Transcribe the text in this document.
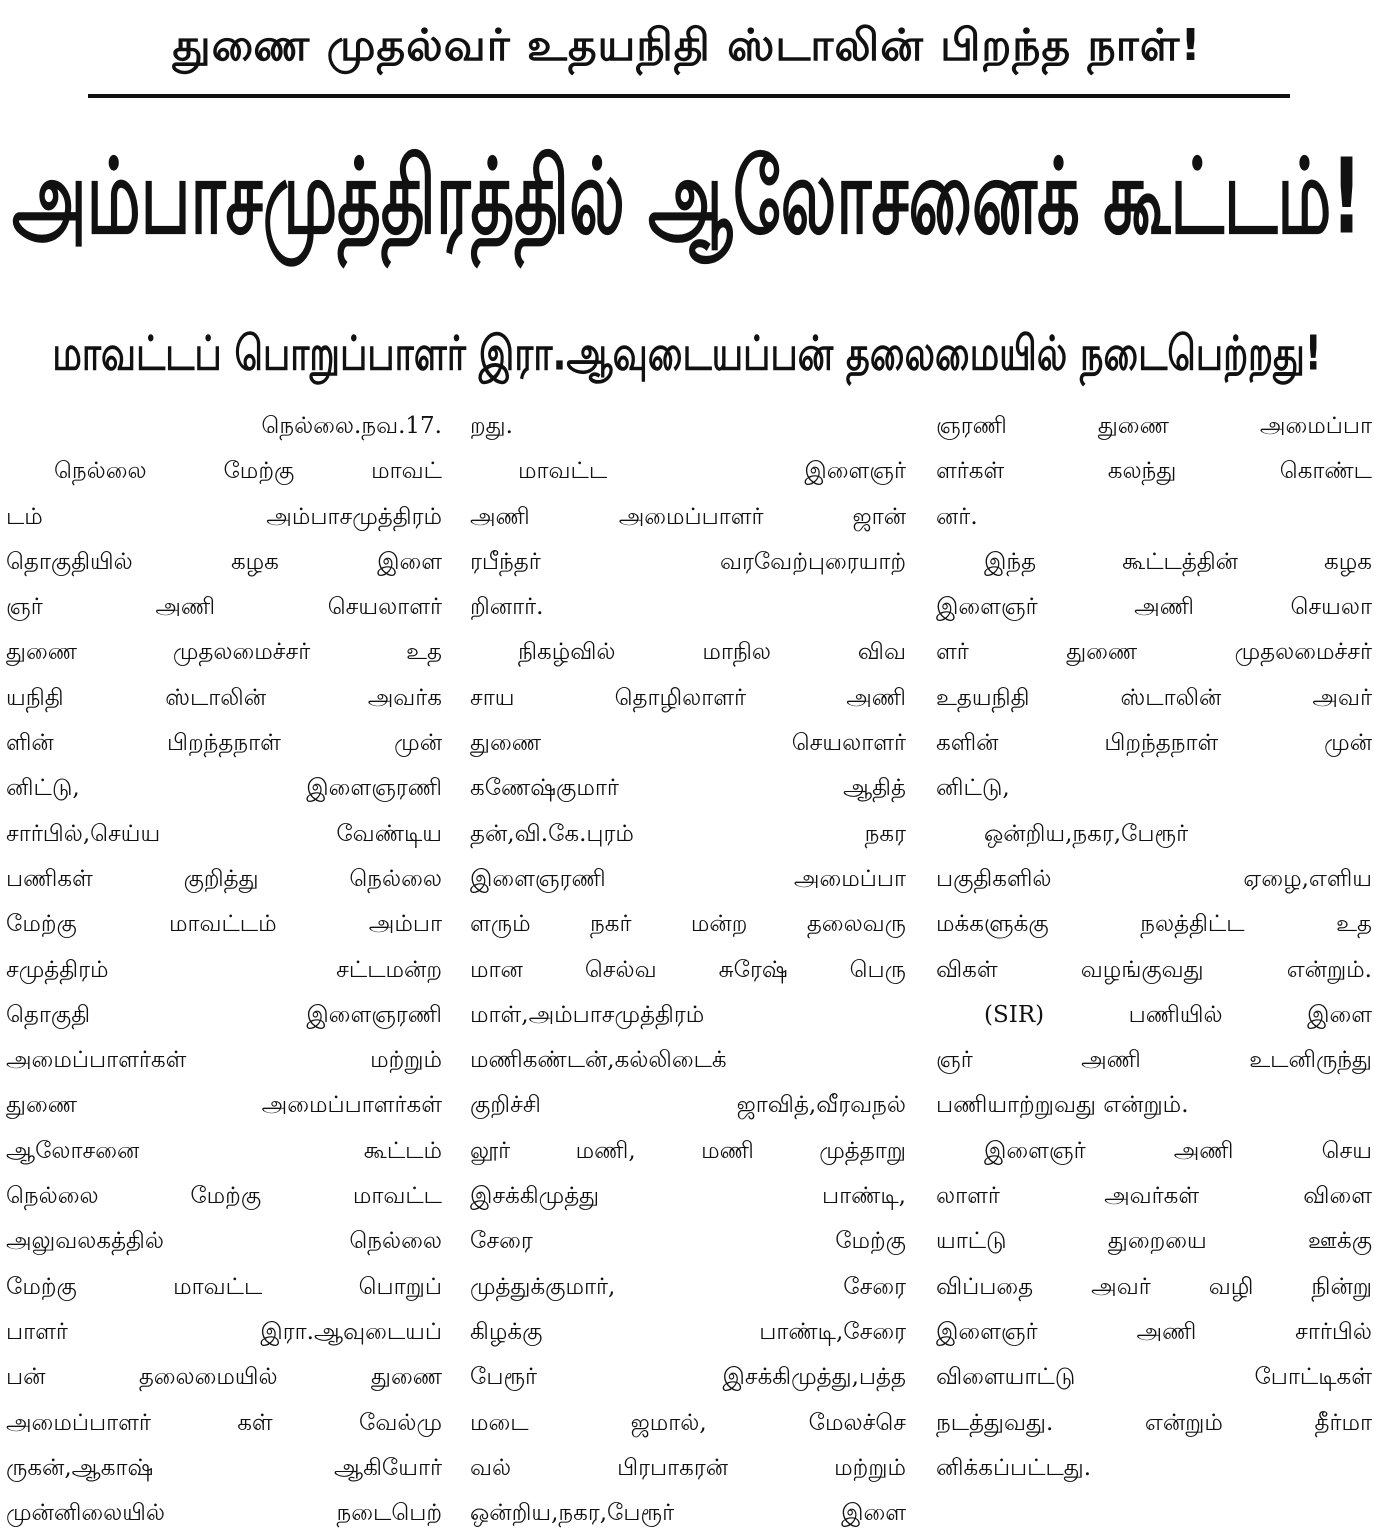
துணை முதல்வர் உதயநிதி ஸ்டாலின் பிறந்த நாள்!
அம்பாசமுத்திரத்தில் ஆலோசனைக் கூட்டம்!
மாவட்டப் பொறுப்பாளர் இரா.ஆவுடையப்பன் தலைமையில் நடைபெற்றது!
நெல்லை.நவ.17.
நெல்லை மேற்கு மாவட்
டம் அம்பாசமுத்திரம்
தொகுதியில் கழக இளை
ஞர் அணி செயலாளர்
துணை முதலமைச்சர் உத
யநிதி ஸ்டாலின் அவர்க
ளின் பிறந்தநாள் முன்
னிட்டு, இளைஞரணி
சார்பில்,செய்ய வேண்டிய
பணிகள் குறித்து நெல்லை
மேற்கு மாவட்டம் அம்பா
சமுத்திரம் சட்டமன்ற
தொகுதி இளைஞரணி
அமைப்பாளர்கள் மற்றும்
துணை அமைப்பாளர்கள்
ஆலோசனை கூட்டம்
நெல்லை மேற்கு மாவட்ட
அலுவலகத்தில் நெல்லை
மேற்கு மாவட்ட பொறுப்
பாளர் இரா.ஆவுடையப்
பன் தலைமையில் துணை
அமைப்பாளர் கள் வேல்மு
ருகன்,ஆகாஷ் ஆகியோர்
முன்னிலையில் நடைபெற்
றது.
மாவட்ட இளைஞர்
அணி அமைப்பாளர் ஜான்
ரபீந்தர் வரவேற்புரையாற்
றினார்.
நிகழ்வில் மாநில விவ
சாய தொழிலாளர் அணி
துணை செயலாளர்
கணேஷ்குமார் ஆதித்
தன்,வி.கே.புரம் நகர
இளைஞரணி அமைப்பா
ளரும் நகர் மன்ற தலைவரு
மான செல்வ சுரேஷ் பெரு
மாள்,அம்பாசமுத்திரம்
மணிகண்டன்,கல்லிடைக்
குறிச்சி ஜாவித்,வீரவநல்
லூர் மணி, மணி முத்தாறு
இசக்கிமுத்து பாண்டி,
சேரை மேற்கு
முத்துக்குமார், சேரை
கிழக்கு பாண்டி,சேரை
பேரூர் இசக்கிமுத்து,பத்த
மடை ஜமால், மேலச்செ
வல் பிரபாகரன் மற்றும்
ஒன்றிய,நகர,பேரூர் இளை
ஞரணி துணை அமைப்பா
ளர்கள் கலந்து கொண்ட
னர்.
இந்த கூட்டத்தின் கழக
இளைஞர் அணி செயலா
ளர் துணை முதலமைச்சர்
உதயநிதி ஸ்டாலின் அவர்
களின் பிறந்தநாள் முன்
னிட்டு,
ஒன்றிய,நகர,பேரூர்
பகுதிகளில் ஏழை,எளிய
மக்களுக்கு நலத்திட்ட உத
விகள் வழங்குவது என்றும்.
(SIR) பணியில் இளை
ஞர் அணி உடனிருந்து
பணியாற்றுவது என்றும்.
இளைஞர் அணி செய
லாளர் அவர்கள் விளை
யாட்டு துறையை ஊக்கு
விப்பதை அவர் வழி நின்று
இளைஞர் அணி சார்பில்
விளையாட்டு போட்டிகள்
நடத்துவது. என்றும் தீர்மா
னிக்கப்பட்டது.
